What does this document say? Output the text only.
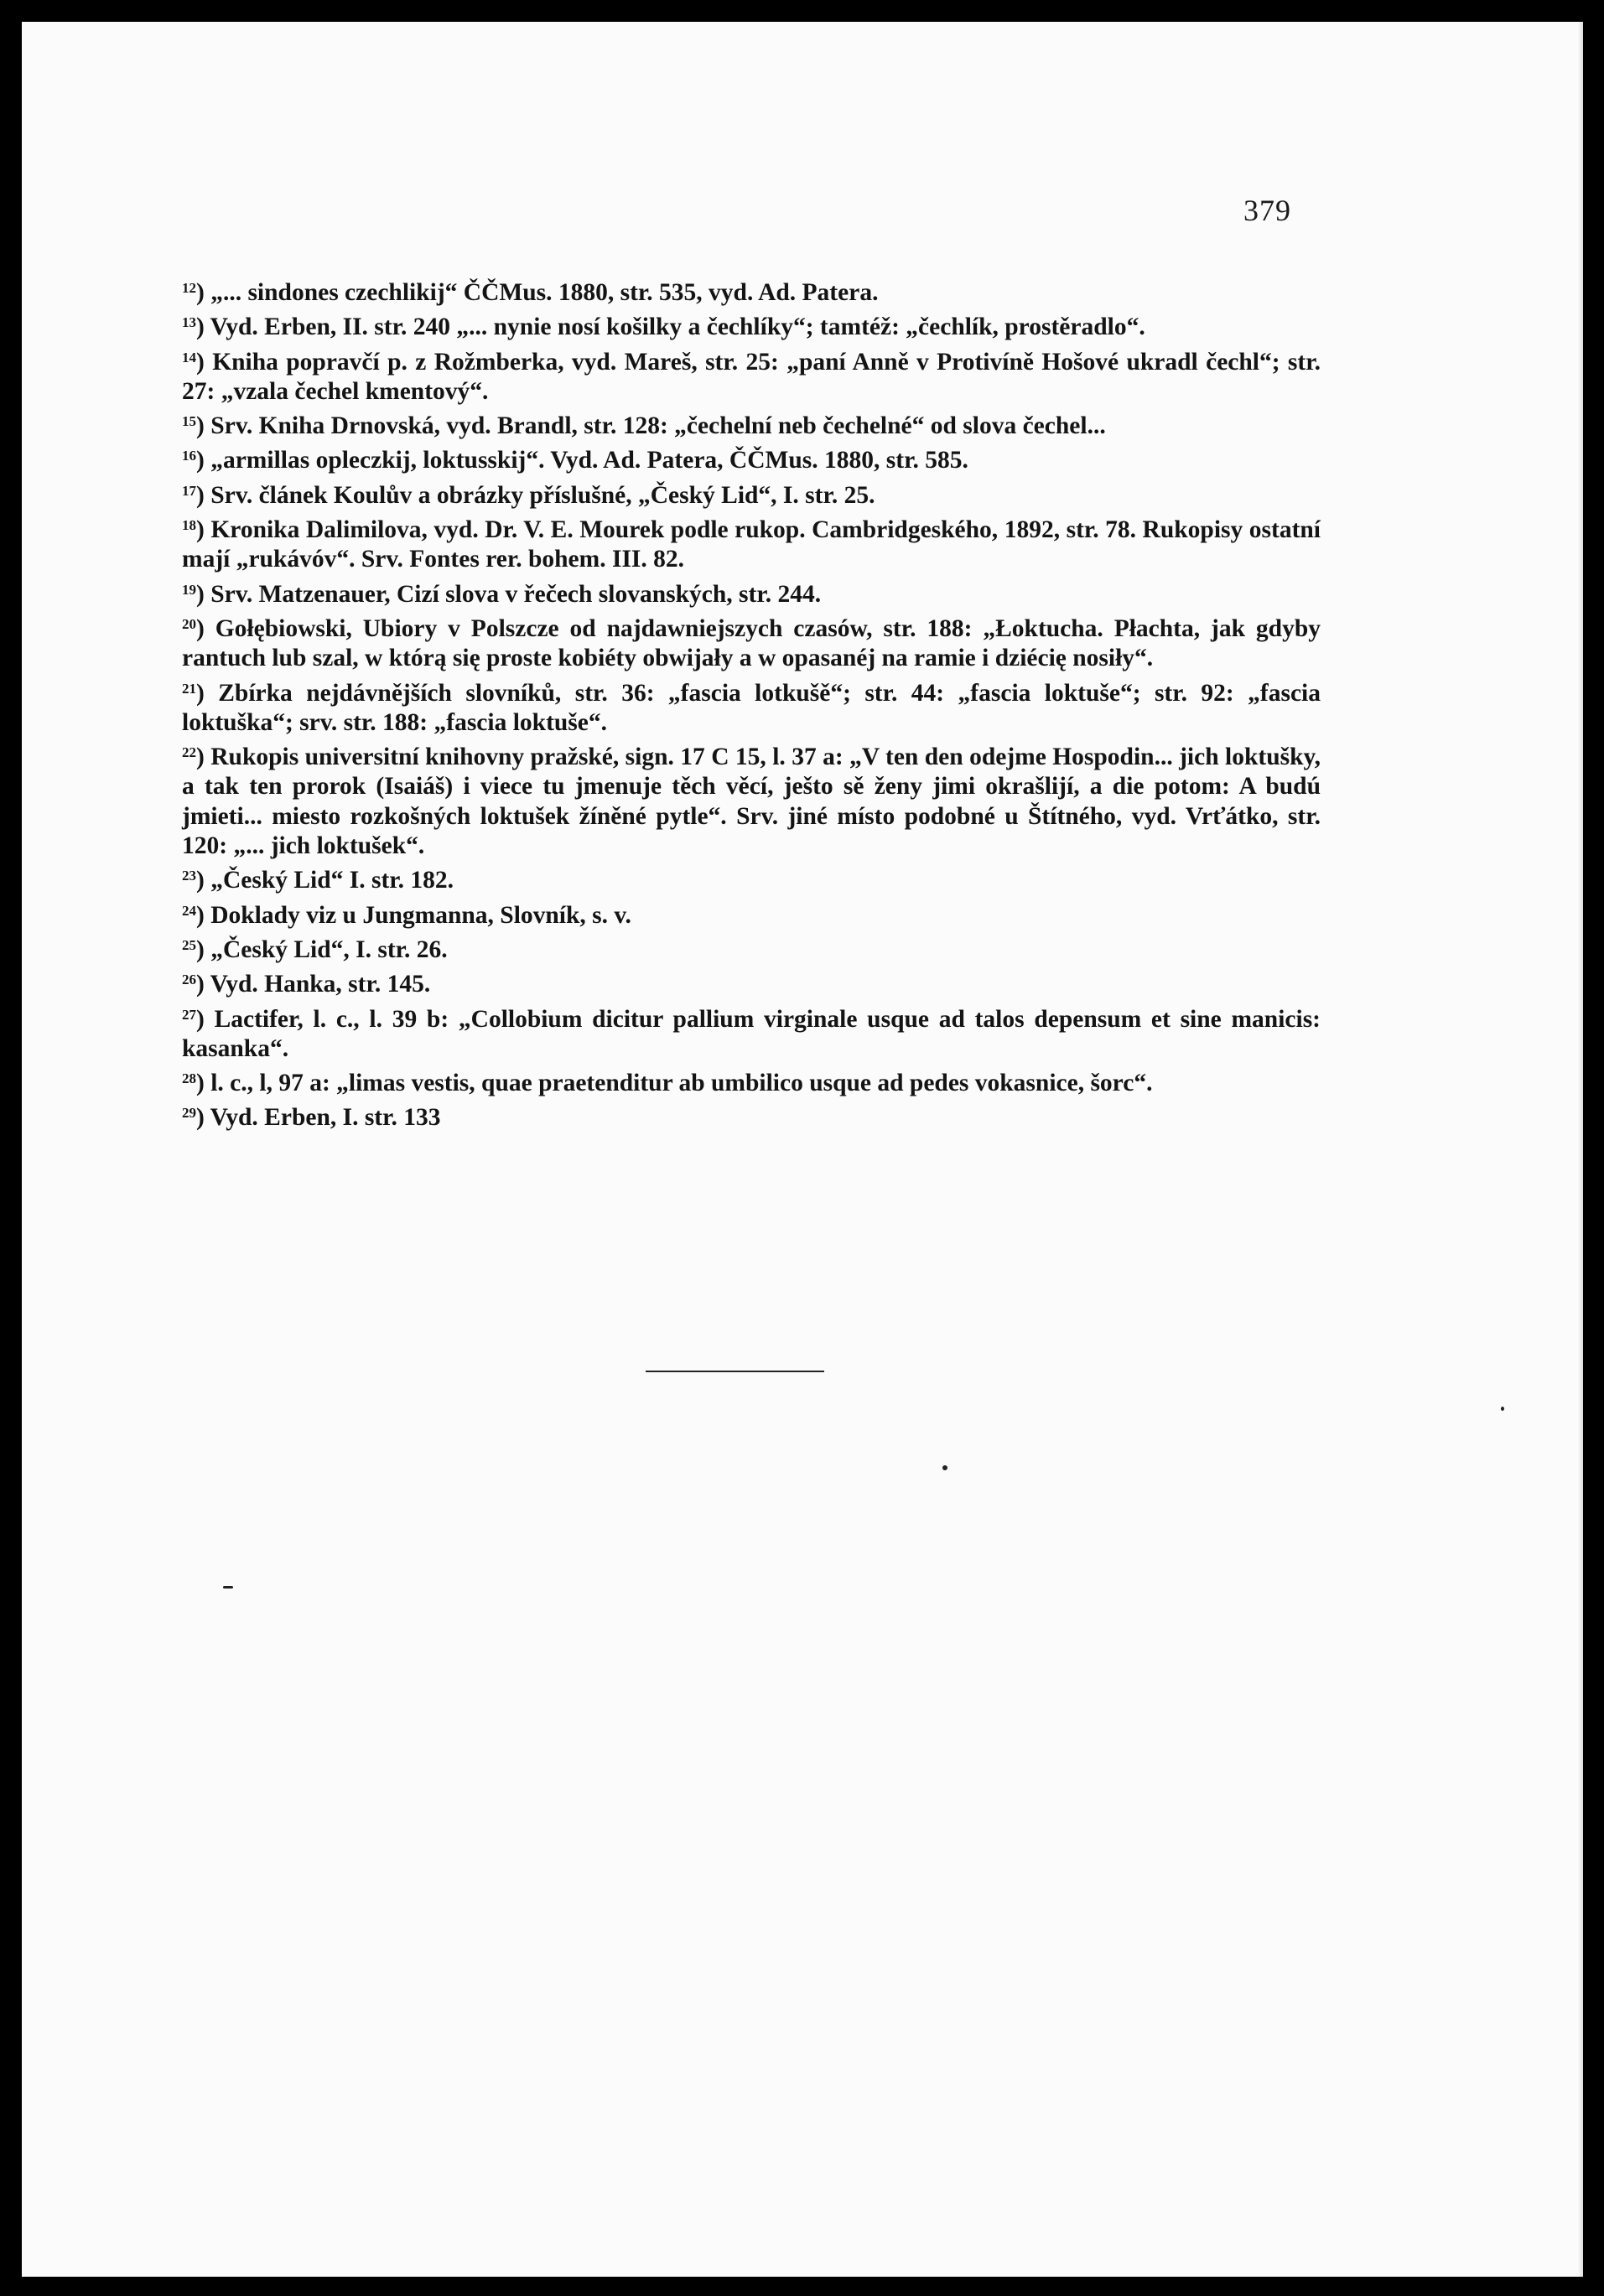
379

$^{12}$) „... sindones czechlikij“ ČČMus. 1880, str. 535, vyd. Ad. Patera.

$^{13}$) Vyd. Erben, II. str. 240 „... nynie nosí košilky a čechlíky“; tamtéž: „čechlík, prostěradlo“.

$^{14}$) Kniha popravčí p. z Rožmberka, vyd. Mareš, str. 25: „paní Anně v Protivíně Hošové ukradl čechl“; str. 27: „vzala čechel kmentový“.

$^{15}$) Srv. Kniha Drnovská, vyd. Brandl, str. 128: „čechelní neb čechelné“ od slova čechel...

$^{16}$) „armillas opleczkij, loktusskij“. Vyd. Ad. Patera, ČČMus. 1880, str. 585.

$^{17}$) Srv. článek Koulův a obrázky příslušné, „Český Lid“, I. str. 25.

$^{18}$) Kronika Dalimilova, vyd. Dr. V. E. Mourek podle rukop. Cambridgeského, 1892, str. 78. Rukopisy ostatní mají „rukávóv“. Srv. Fontes rer. bohem. III. 82.

$^{19}$) Srv. Matzenauer, Cizí slova v řečech slovanských, str. 244.

$^{20}$) Gołębiowski, Ubiory v Polszcze od najdawniejszych czasów, str. 188: „Łoktucha. Płachta, jak gdyby rantuch lub szal, w którą się proste kobiéty obwijały a w opasanéj na ramie i dziécię nosiły“.

$^{21}$) Zbírka nejdávnějších slovníků, str. 36: „fascia lotkušě“; str. 44: „fascia loktuše“; str. 92: „fascia loktuška“; srv. str. 188: „fascia loktuše“.

$^{22}$) Rukopis universitní knihovny pražské, sign. 17 C 15, l. 37 a: „V ten den odejme Hospodin... jich loktušky, a tak ten prorok (Isaiáš) i viece tu jmenuje těch věcí, ješto sě ženy jimi okrašlijí, a die potom: A budú jmieti... miesto rozkošných loktušek žíněné pytle“. Srv. jiné místo podobné u Štítného, vyd. Vrťátko, str. 120: „... jich loktušek“.

$^{23}$) „Český Lid“ I. str. 182.

$^{24}$) Doklady viz u Jungmanna, Slovník, s. v.

$^{25}$) „Český Lid“, I. str. 26.

$^{26}$) Vyd. Hanka, str. 145.

$^{27}$) Lactifer, l. c., l. 39 b: „Collobium dicitur pallium virginale usque ad talos depensum et sine manicis: kasanka“.

$^{28}$) l. c., l, 97 a: „limas vestis, quae praetenditur ab umbilico usque ad pedes vokasnice, šorc“.

$^{29}$) Vyd. Erben, I. str. 133
